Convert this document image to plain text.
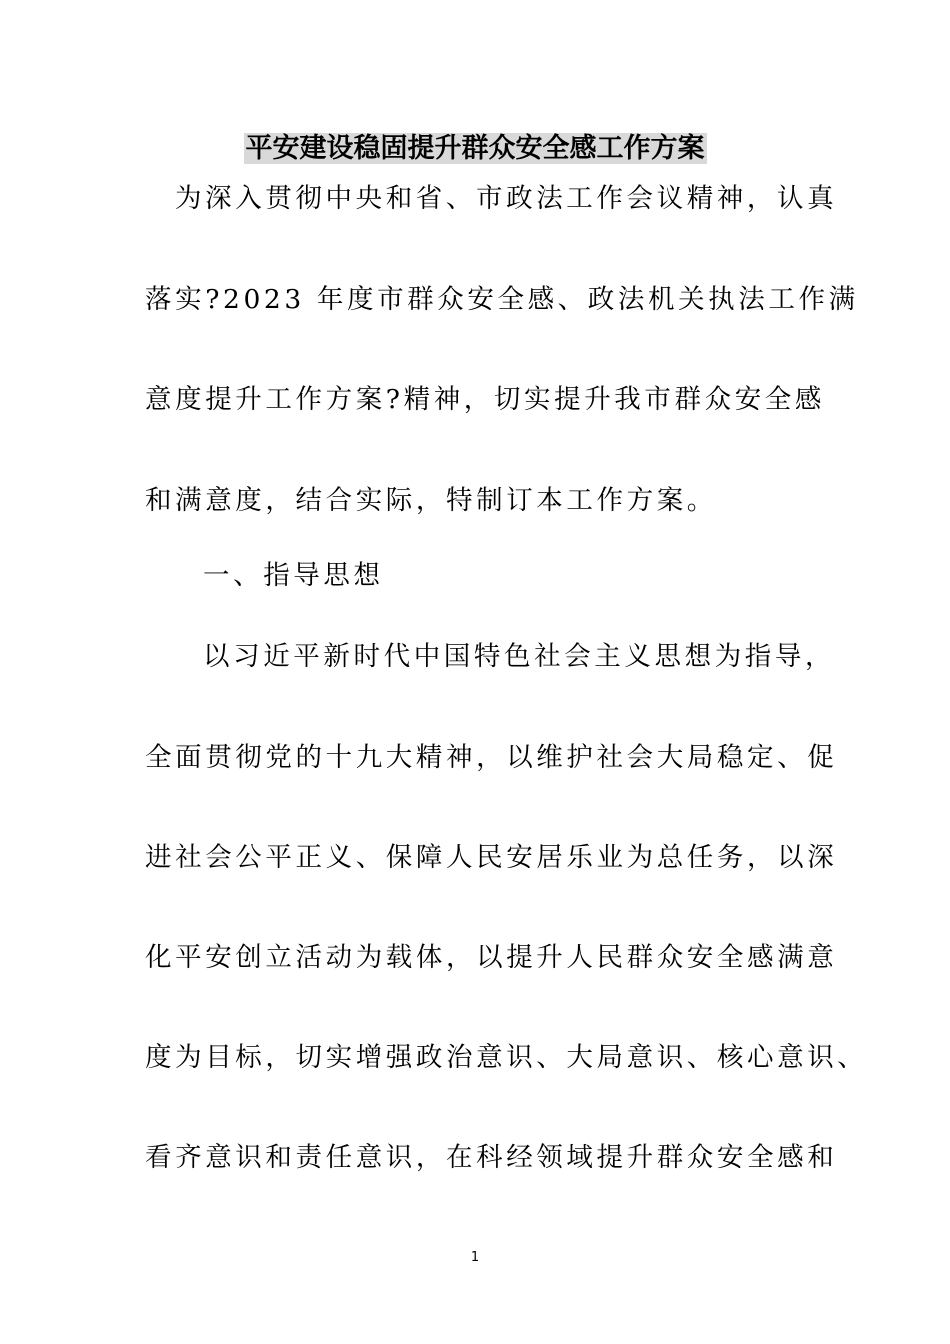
平安建设稳固提升群众安全感工作方案
为深入贯彻中央和省、市政法工作会议精神，认真
落实?2023 年度市群众安全感、政法机关执法工作满
意度提升工作方案?精神，切实提升我市群众安全感
和满意度，结合实际，特制订本工作方案。
一、指导思想
以习近平新时代中国特色社会主义思想为指导，
全面贯彻党的十九大精神，以维护社会大局稳定、促
进社会公平正义、保障人民安居乐业为总任务，以深
化平安创立活动为载体，以提升人民群众安全感满意
度为目标，切实增强政治意识、大局意识、核心意识、
看齐意识和责任意识，在科经领域提升群众安全感和
1
